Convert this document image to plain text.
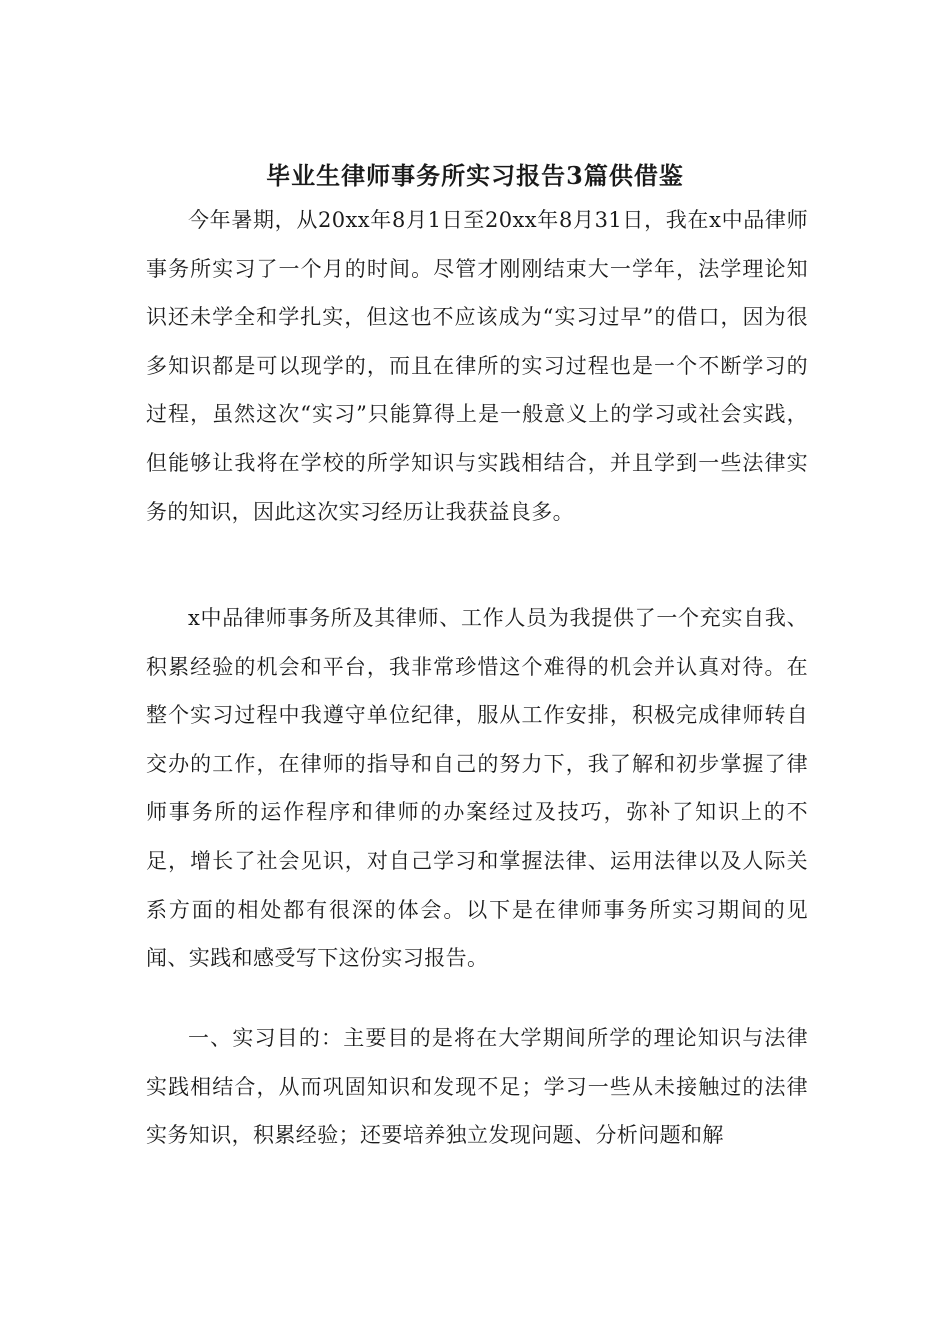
毕业生律师事务所实习报告3篇供借鉴

今年暑期，从20xx年8月1日至20xx年8月31日，我在x中品律师事务所实习了一个月的时间。尽管才刚刚结束大一学年，法学理论知识还未学全和学扎实，但这也不应该成为“实习过早”的借口，因为很多知识都是可以现学的，而且在律所的实习过程也是一个不断学习的过程，虽然这次“实习”只能算得上是一般意义上的学习或社会实践，但能够让我将在学校的所学知识与实践相结合，并且学到一些法律实务的知识，因此这次实习经历让我获益良多。

x中品律师事务所及其律师、工作人员为我提供了一个充实自我、积累经验的机会和平台，我非常珍惜这个难得的机会并认真对待。在整个实习过程中我遵守单位纪律，服从工作安排，积极完成律师转自交办的工作，在律师的指导和自己的努力下，我了解和初步掌握了律师事务所的运作程序和律师的办案经过及技巧，弥补了知识上的不足，增长了社会见识，对自己学习和掌握法律、运用法律以及人际关系方面的相处都有很深的体会。以下是在律师事务所实习期间的见闻、实践和感受写下这份实习报告。

一、实习目的：主要目的是将在大学期间所学的理论知识与法律实践相结合，从而巩固知识和发现不足；学习一些从未接触过的法律实务知识，积累经验；还要培养独立发现问题、分析问题和解
